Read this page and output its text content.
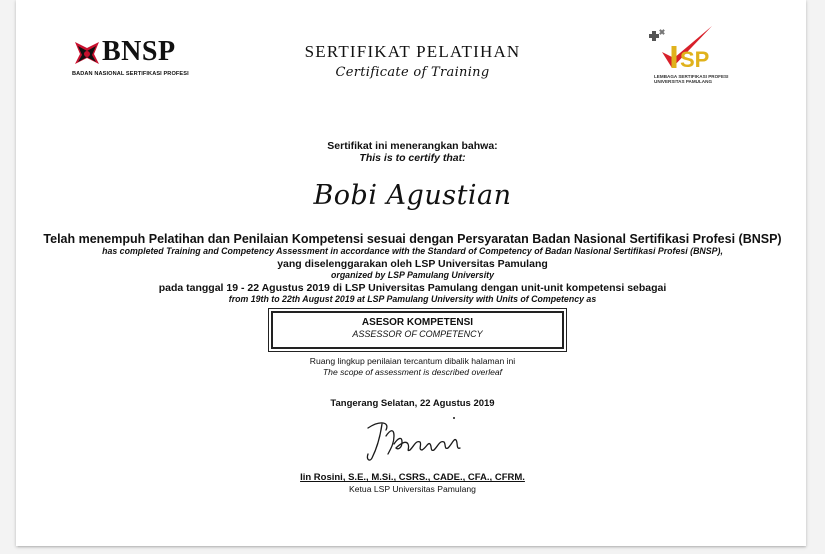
BNSP
BADAN NASIONAL SERTIFIKASI PROFESI
SERTIFIKAT PELATIHAN
Certificate of Training
SP
LEMBAGA SERTIFIKASI PROFESI
UNIVERSITAS PAMULANG
Sertifikat ini menerangkan bahwa:
This is to certify that:
Bobi Agustian
Telah menempuh Pelatihan dan Penilaian Kompetensi sesuai dengan Persyaratan Badan Nasional Sertifikasi Profesi (BNSP)
has completed Training and Competency Assessment in accordance with the Standard of Competency of Badan Nasional Sertifikasi Profesi (BNSP),
yang diselenggarakan oleh LSP Universitas Pamulang
organized by LSP Pamulang University
pada tanggal 19 - 22 Agustus 2019 di LSP Universitas Pamulang dengan unit-unit kompetensi sebagai
from 19th to 22th August 2019 at LSP Pamulang University with Units of Competency as
ASESOR KOMPETENSI
ASSESSOR OF COMPETENCY
Ruang lingkup penilaian tercantum dibalik halaman ini
The scope of assessment is described overleaf
Tangerang Selatan, 22 Agustus 2019
Iin Rosini, S.E., M.Si., CSRS., CADE., CFA., CFRM.
Ketua LSP Universitas Pamulang
